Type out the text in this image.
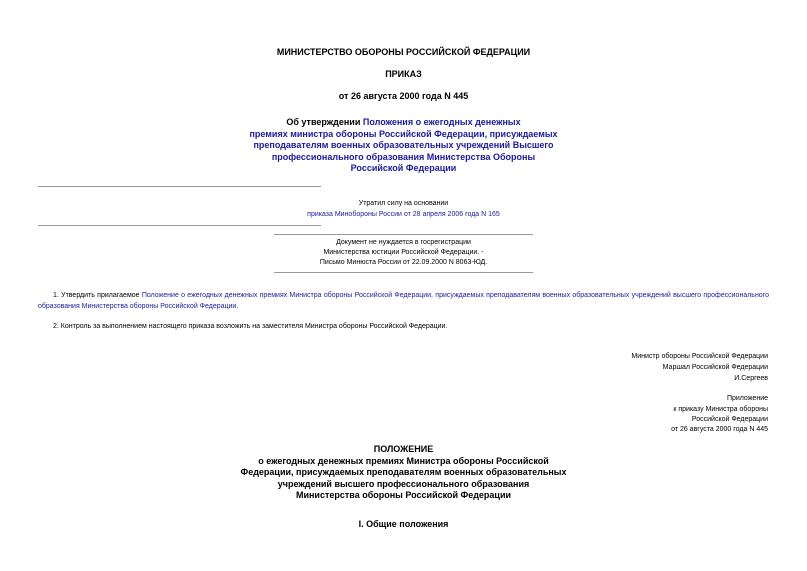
МИНИСТЕРСТВО ОБОРОНЫ РОССИЙСКОЙ ФЕДЕРАЦИИ
ПРИКАЗ
от 26 августа 2000 года N 445
Об утверждении Положения о ежегодных денежных
премиях министра обороны Российской Федерации, присуждаемых
преподавателям военных образовательных учреждений Высшего
профессионального образования Министерства Обороны
Российской Федерации
Утратил силу на основании
приказа Минобороны России от 28 апреля 2006 года N 165
Документ не нуждается в госрегистрации
Министерства юстиции Российской Федерации. -
Письмо Минюста России от 22.09.2000 N 8063-ЮД.
1. Утвердить прилагаемое Положение о ежегодных денежных премиях Министра обороны Российской Федерации, присуждаемых преподавателям военных образовательных учреждений высшего профессионального образования Министерства обороны Российской Федерации.
2. Контроль за выполнением настоящего приказа возложить на заместителя Министра обороны Российской Федерации.
Министр обороны Российской Федерации
Маршал Российской Федерации
И.Сергеев
Приложение
к приказу Министра обороны
Российской Федерации
от 26 августа 2000 года N 445
ПОЛОЖЕНИЕ
о ежегодных денежных премиях Министра обороны Российской
Федерации, присуждаемых преподавателям военных образовательных
учреждений высшего профессионального образования
Министерства обороны Российской Федерации
I. Общие положения
